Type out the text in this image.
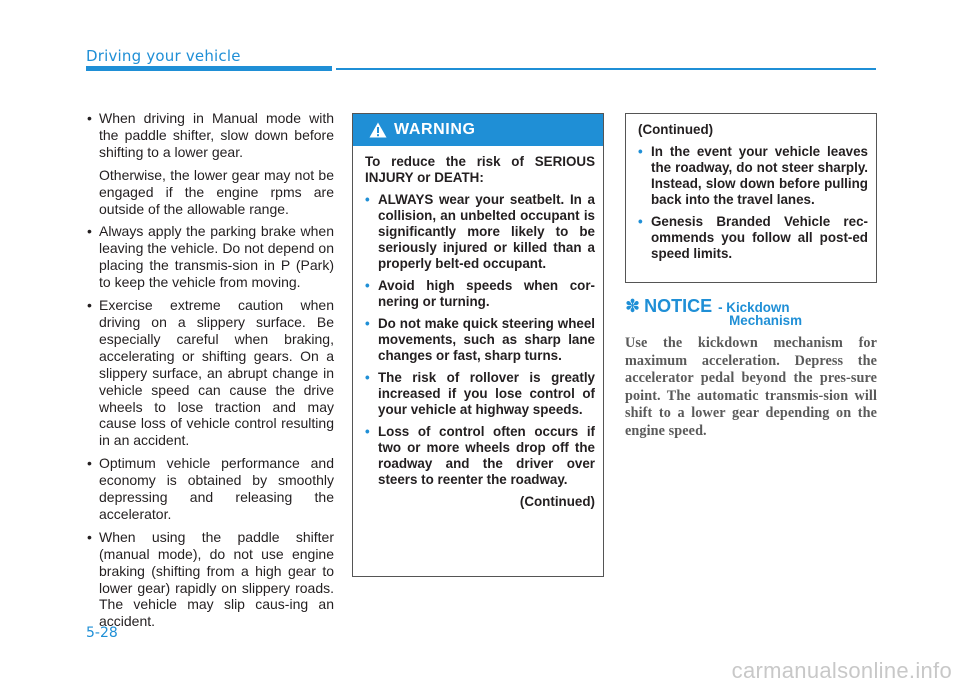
Driving your vehicle
• When driving in Manual mode with the paddle shifter, slow down before shifting to a lower gear.

Otherwise, the lower gear may not be engaged if the engine rpms are outside of the allowable range.

• Always apply the parking brake when leaving the vehicle. Do not depend on placing the transmis-sion in P (Park) to keep the vehicle from moving.

• Exercise extreme caution when driving on a slippery surface. Be especially careful when braking, accelerating or shifting gears. On a slippery surface, an abrupt change in vehicle speed can cause the drive wheels to lose traction and may cause loss of vehicle control resulting in an accident.

• Optimum vehicle performance and economy is obtained by smoothly depressing and releasing the accelerator.

• When using the paddle shifter (manual mode), do not use engine braking (shifting from a high gear to lower gear) rapidly on slippery roads. The vehicle may slip caus-ing an accident.

WARNING

To reduce the risk of SERIOUS INJURY or DEATH:

• ALWAYS wear your seatbelt. In a collision, an unbelted occupant is significantly more likely to be seriously injured or killed than a properly belt-ed occupant.
• Avoid high speeds when cor-nering or turning.
• Do not make quick steering wheel movements, such as sharp lane changes or fast, sharp turns.
• The risk of rollover is greatly increased if you lose control of your vehicle at highway speeds.
• Loss of control often occurs if two or more wheels drop off the roadway and the driver over steers to reenter the roadway.
(Continued)

(Continued)

• In the event your vehicle leaves the roadway, do not steer sharply. Instead, slow down before pulling back into the travel lanes.
• Genesis Branded Vehicle rec-ommends you follow all post-ed speed limits.
✽ NOTICE - Kickdown
Mechanism
Use the kickdown mechanism for maximum acceleration. Depress the accelerator pedal beyond the pres-sure point. The automatic transmis-sion will shift to a lower gear depending on the engine speed.
5-28
carmanualsonline.info
